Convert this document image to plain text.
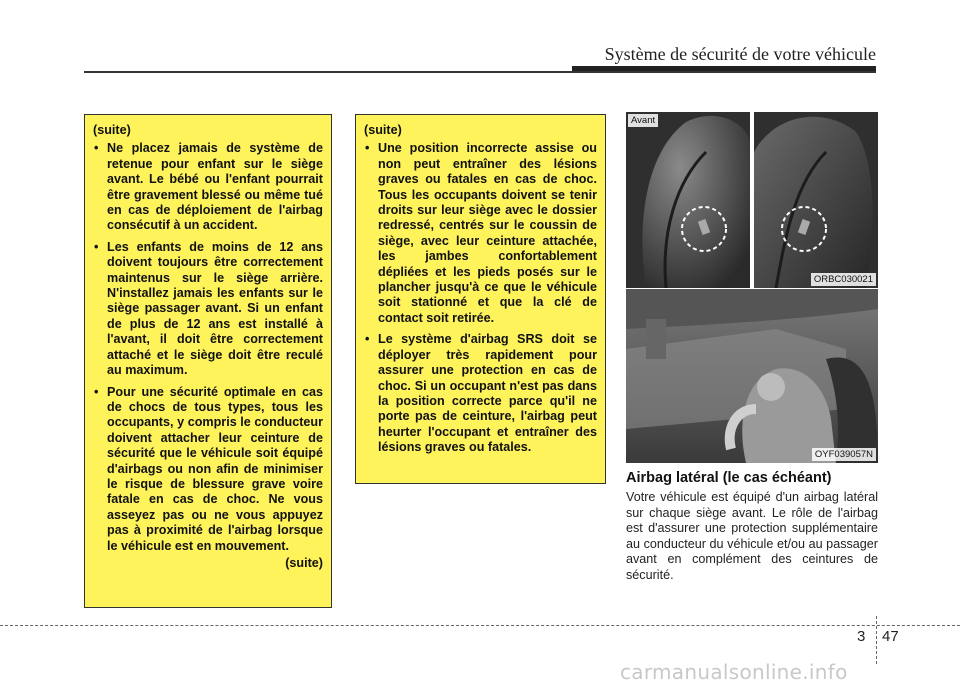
Système de sécurité de votre véhicule
(suite)
• Ne placez jamais de système de retenue pour enfant sur le siège avant. Le bébé ou l'enfant pourrait être gravement blessé ou même tué en cas de déploiement de l'airbag consécutif à un accident.
• Les enfants de moins de 12 ans doivent toujours être correctement maintenus sur le siège arrière. N'installez jamais les enfants sur le siège passager avant. Si un enfant de plus de 12 ans est installé à l'avant, il doit être correctement attaché et le siège doit être reculé au maximum.
• Pour une sécurité optimale en cas de chocs de tous types, tous les occupants, y compris le conducteur doivent attacher leur ceinture de sécurité que le véhicule soit équipé d'airbags ou non afin de minimiser le risque de blessure grave voire fatale en cas de choc. Ne vous asseyez pas ou ne vous appuyez pas à proximité de l'airbag lorsque le véhicule est en mouvement.
(suite)
(suite)
• Une position incorrecte assise ou non peut entraîner des lésions graves ou fatales en cas de choc. Tous les occupants doivent se tenir droits sur leur siège avec le dossier redressé, centrés sur le coussin de siège, avec leur ceinture attachée, les jambes confortablement dépliées et les pieds posés sur le plancher jusqu'à ce que le véhicule soit stationné et que la clé de contact soit retirée.
• Le système d'airbag SRS doit se déployer très rapidement pour assurer une protection en cas de choc. Si un occupant n'est pas dans la position correcte parce qu'il ne porte pas de ceinture, l'airbag peut heurter l'occupant et entraîner des lésions graves ou fatales.
Avant
ORBC030021
OYF039057N
Airbag latéral (le cas échéant)
Votre véhicule est équipé d'un airbag latéral sur chaque siège avant. Le rôle de l'airbag est d'assurer une protection supplémentaire au conducteur du véhicule et/ou au passager avant en complément des ceintures de sécurité.
3 47
carmanualsonline.info
